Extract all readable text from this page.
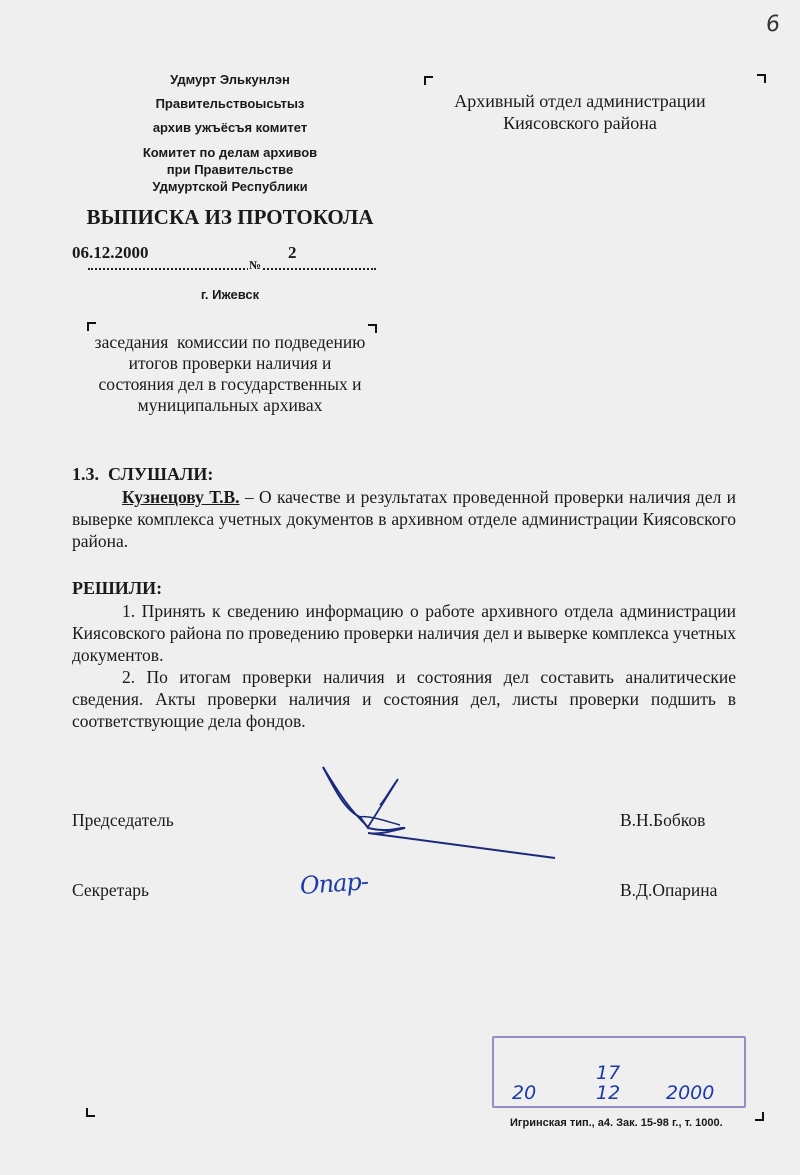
6
Удмурт Элькунлэн
Правительствоысьтыз
архив ужъёсъя комитет
Комитет по делам архивов
при Правительстве
Удмуртской Республики
ВЫПИСКА ИЗ ПРОТОКОЛА
06.12.2000	2
№
г. Ижевск
заседания  комиссии по подведению
итогов проверки наличия и
состояния дел в государственных и
муниципальных архивах
Архивный отдел администрации
Киясовского района
1.3.  СЛУШАЛИ:
Кузнецову Т.В. – О качестве и результатах проведенной проверки наличия дел и выверке комплекса учетных документов в архивном отделе администрации Киясовского района.
РЕШИЛИ:
1. Принять к сведению информацию о работе архивного отдела администрации Киясовского района по проведению проверки наличия дел и выверке комплекса учетных документов.
2. По итогам проверки наличия и состояния дел составить аналитические сведения. Акты проверки наличия и состояния дел, листы проверки подшить в соответствующие дела фондов.
Председатель	В.Н.Бобков
Секретарь	В.Д.Опарина
Опар-
17
20	12 2000
Игринская тип., а4. Зак. 15-98 г., т. 1000.
